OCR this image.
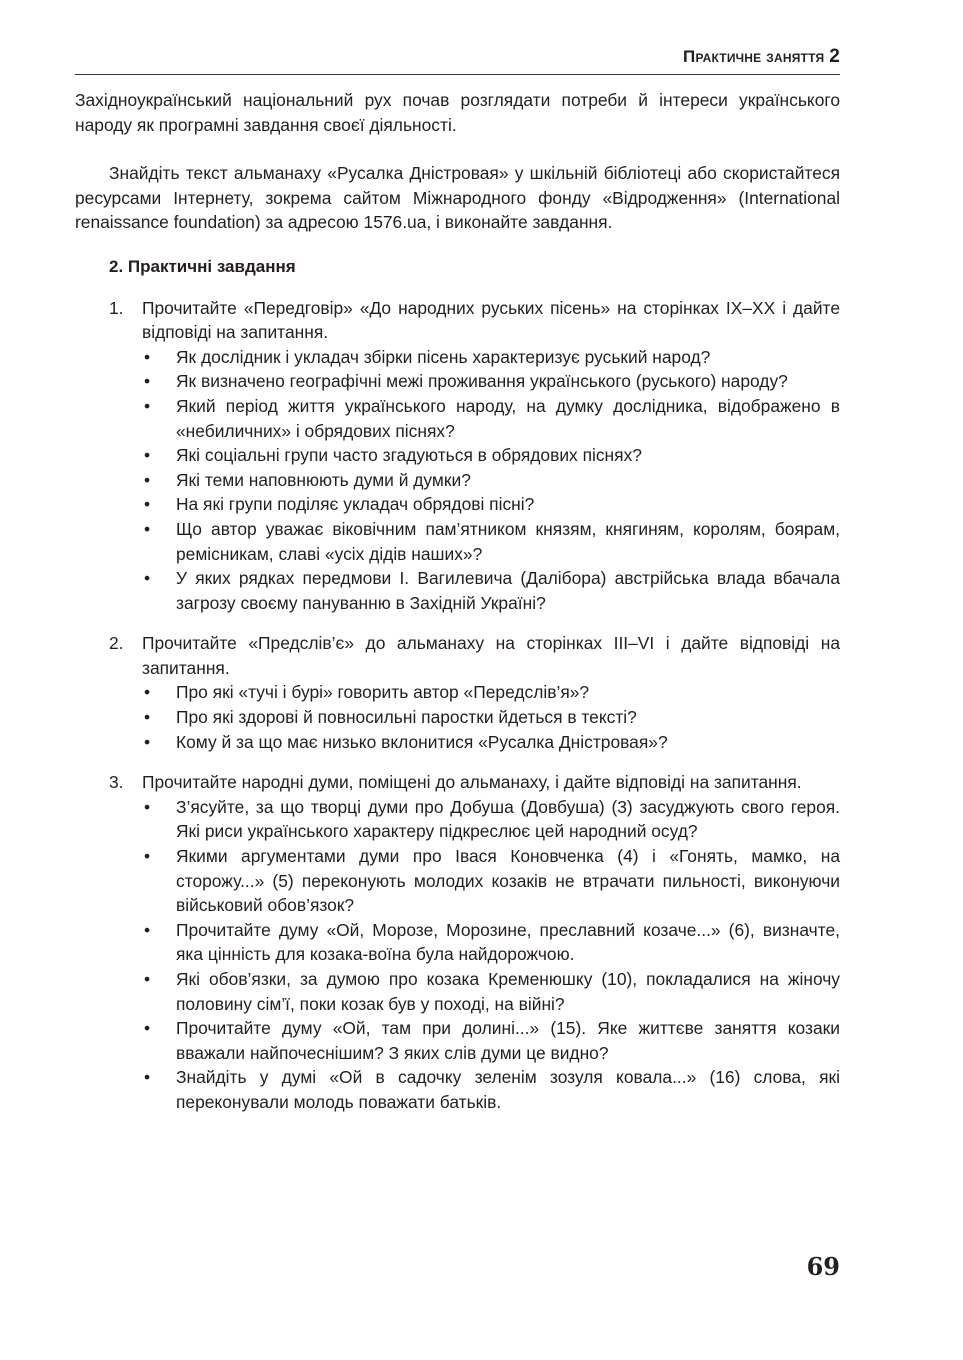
Практичне заняття 2

Західноукраїнський національний рух почав розглядати потреби й інтереси українського народу як програмні завдання своєї діяльності.

Знайдіть текст альманаху «Русалка Дністровая» у шкільній бібліотеці або скористайтеся ресурсами Інтернету, зокрема сайтом Міжнародного фонду «Відродження» (International renaissance foundation) за адресою 1576.ua, і виконайте завдання.

2. Практичні завдання
1. Прочитайте «Передговір» «До народних руських пісень» на сторінках IX–XX і дайте відповіді на запитання.
• Як дослідник і укладач збірки пісень характеризує руський народ?
• Як визначено географічні межі проживання українського (руського) народу?
• Який період життя українського народу, на думку дослідника, відображено в «небиличних» і обрядових піснях?
• Які соціальні групи часто згадуються в обрядових піснях?
• Які теми наповнюють думи й думки?
• На які групи поділяє укладач обрядові пісні?
• Що автор уважає віковічним пам’ятником князям, княгиням, королям, боярам, ремісникам, славі «усіх дідів наших»?
• У яких рядках передмови І. Вагилевича (Далібора) австрійська влада вбачала загрозу своєму пануванню в Західній Україні?
2. Прочитайте «Предслів’є» до альманаху на сторінках III–VI і дайте відповіді на запитання.
• Про які «тучі і бурі» говорить автор «Передслів’я»?
• Про які здорові й повносильні паростки йдеться в тексті?
• Кому й за що має низько вклонитися «Русалка Дністровая»?
3. Прочитайте народні думи, поміщені до альманаху, і дайте відповіді на запитання.
• З’ясуйте, за що творці думи про Добуша (Довбуша) (3) засуджують свого героя. Які риси українського характеру підкреслює цей народний осуд?
• Якими аргументами думи про Івася Коновченка (4) і «Гонять, мамко, на сторожу...» (5) переконують молодих козаків не втрачати пильності, виконуючи військовий обов’язок?
• Прочитайте думу «Ой, Морозе, Морозине, преславний козаче...» (6), визначте, яка цінність для козака-воїна була найдорожчою.
• Які обов’язки, за думою про козака Кременюшку (10), покладалися на жіночу половину сім’ї, поки козак був у поході, на війні?
• Прочитайте думу «Ой, там при долині...» (15). Яке життєве заняття козаки вважали найпочеснішим? З яких слів думи це видно?
• Знайдіть у думі «Ой в садочку зеленім зозуля ковала...» (16) слова, які переконували молодь поважати батьків.
69
